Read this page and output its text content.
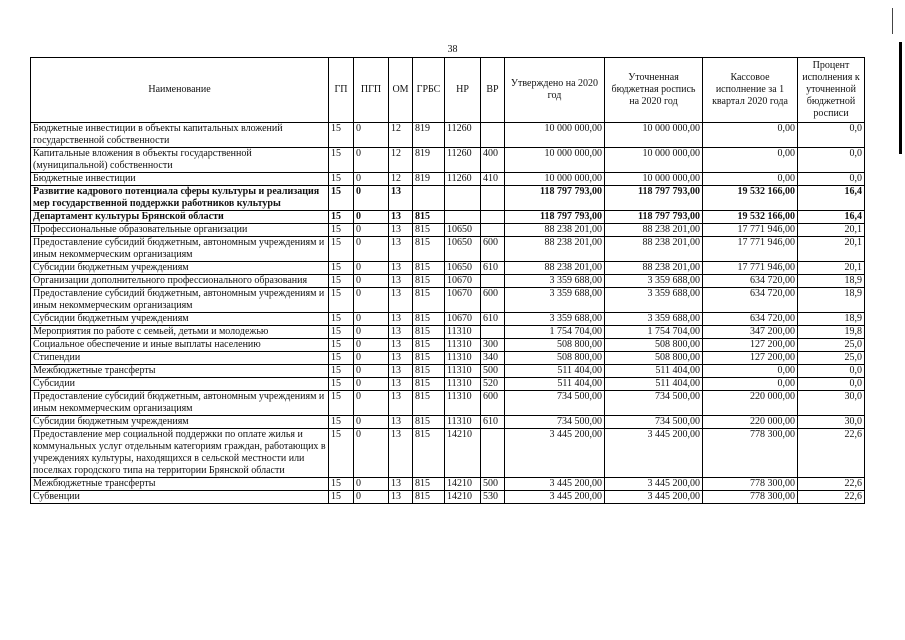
38
Наименование	ГП	ПГП	ОМ	ГРБС	НР	ВР	Утверждено на 2020 год	Уточненная бюджетная роспись на 2020 год	Кассовое исполнение за 1 квартал 2020 года	Процент исполнения к уточненной бюджетной росписи
Бюджетные инвестиции в объекты капитальных вложений государственной собственности	15	0	12	819	11260		10 000 000,00	10 000 000,00	0,00	0,0
Капитальные вложения в объекты государственной (муниципальной) собственности	15	0	12	819	11260	400	10 000 000,00	10 000 000,00	0,00	0,0
Бюджетные инвестиции	15	0	12	819	11260	410	10 000 000,00	10 000 000,00	0,00	0,0
Развитие кадрового потенциала сферы культуры и реализация мер государственной поддержки работников культуры	15	0	13				118 797 793,00	118 797 793,00	19 532 166,00	16,4
Департамент культуры Брянской области	15	0	13	815			118 797 793,00	118 797 793,00	19 532 166,00	16,4
Профессиональные образовательные организации	15	0	13	815	10650		88 238 201,00	88 238 201,00	17 771 946,00	20,1
Предоставление субсидий бюджетным, автономным учреждениям и иным некоммерческим организациям	15	0	13	815	10650	600	88 238 201,00	88 238 201,00	17 771 946,00	20,1
Субсидии бюджетным учреждениям	15	0	13	815	10650	610	88 238 201,00	88 238 201,00	17 771 946,00	20,1
Организации дополнительного профессионального образования	15	0	13	815	10670		3 359 688,00	3 359 688,00	634 720,00	18,9
Предоставление субсидий бюджетным, автономным учреждениям и иным некоммерческим организациям	15	0	13	815	10670	600	3 359 688,00	3 359 688,00	634 720,00	18,9
Субсидии бюджетным учреждениям	15	0	13	815	10670	610	3 359 688,00	3 359 688,00	634 720,00	18,9
Мероприятия по работе с семьей, детьми и молодежью	15	0	13	815	11310		1 754 704,00	1 754 704,00	347 200,00	19,8
Социальное обеспечение и иные выплаты населению	15	0	13	815	11310	300	508 800,00	508 800,00	127 200,00	25,0
Стипендии	15	0	13	815	11310	340	508 800,00	508 800,00	127 200,00	25,0
Межбюджетные трансферты	15	0	13	815	11310	500	511 404,00	511 404,00	0,00	0,0
Субсидии	15	0	13	815	11310	520	511 404,00	511 404,00	0,00	0,0
Предоставление субсидий бюджетным, автономным учреждениям и иным некоммерческим организациям	15	0	13	815	11310	600	734 500,00	734 500,00	220 000,00	30,0
Субсидии бюджетным учреждениям	15	0	13	815	11310	610	734 500,00	734 500,00	220 000,00	30,0
Предоставление мер социальной поддержки по оплате жилья и коммунальных услуг отдельным категориям граждан, работающих в учреждениях культуры, находящихся в сельской местности или поселках городского типа на территории Брянской области	15	0	13	815	14210		3 445 200,00	3 445 200,00	778 300,00	22,6
Межбюджетные трансферты	15	0	13	815	14210	500	3 445 200,00	3 445 200,00	778 300,00	22,6
Субвенции	15	0	13	815	14210	530	3 445 200,00	3 445 200,00	778 300,00	22,6
